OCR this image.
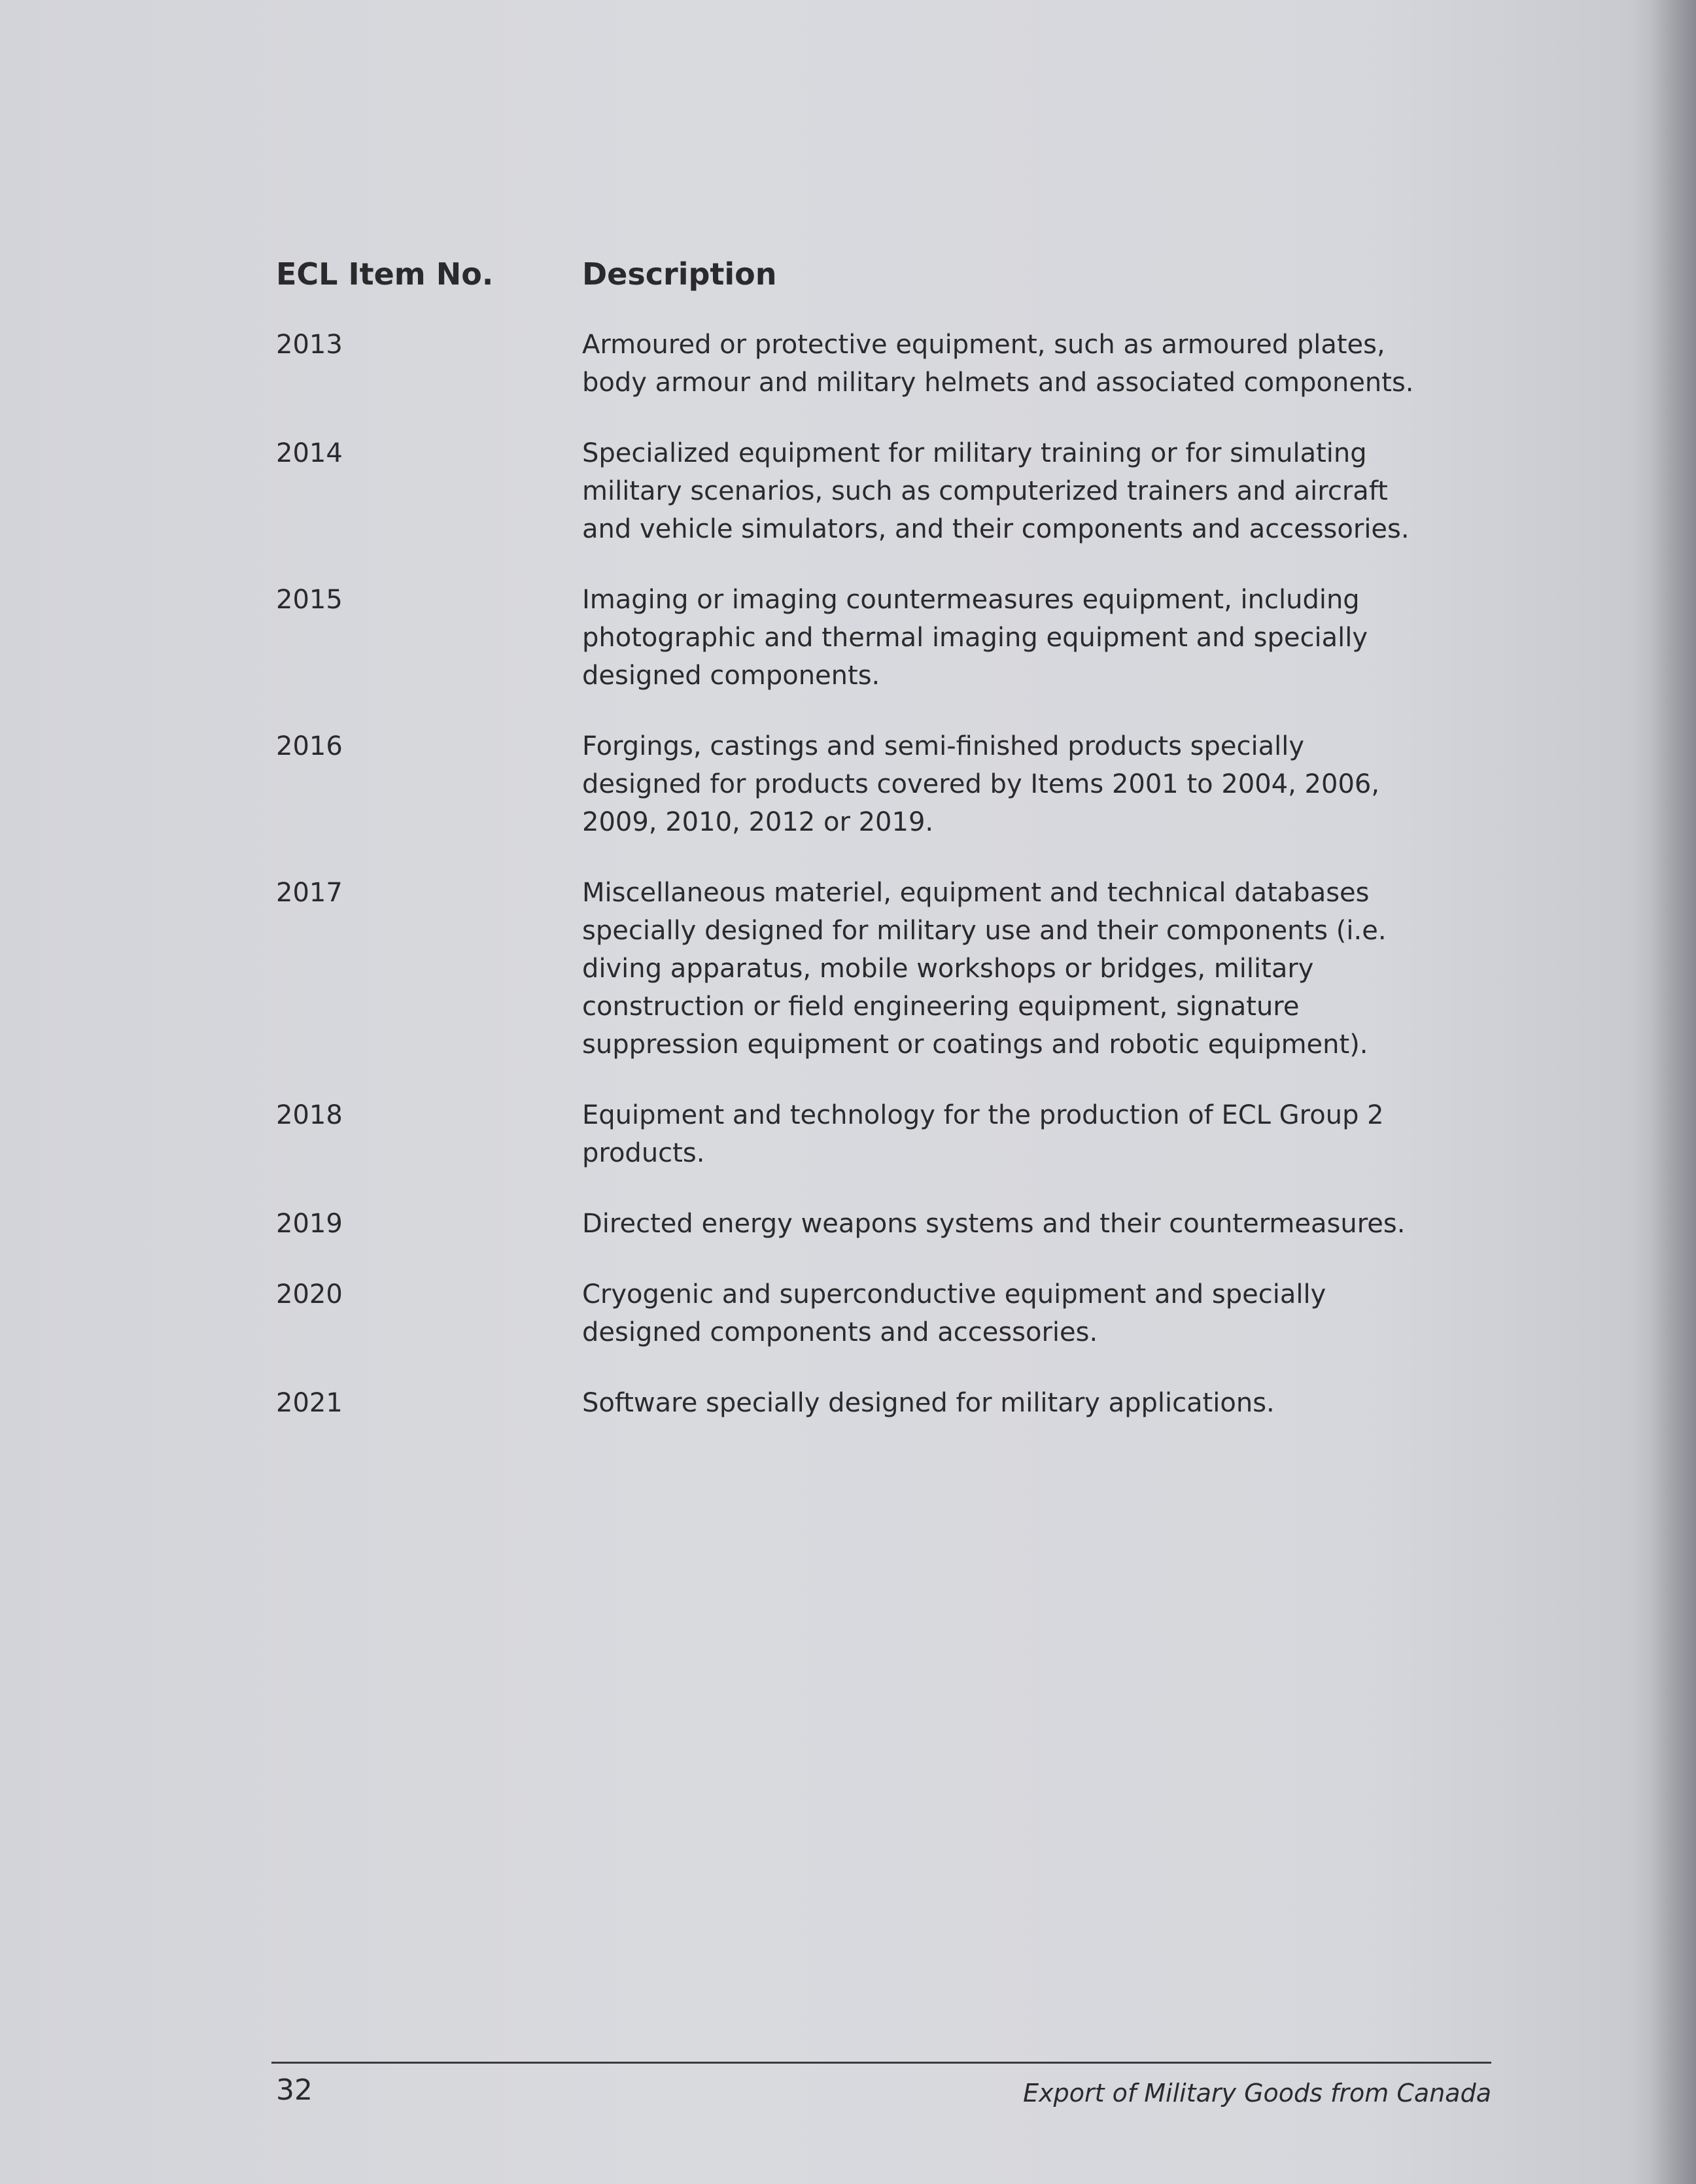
ECL Item No.	Description
2013	Armoured or protective equipment, such as armoured plates, body armour and military helmets and associated components.
2014	Specialized equipment for military training or for simulating military scenarios, such as computerized trainers and aircraft and vehicle simulators, and their components and accessories.
2015	Imaging or imaging countermeasures equipment, including photographic and thermal imaging equipment and specially designed components.
2016	Forgings, castings and semi-finished products specially designed for products covered by Items 2001 to 2004, 2006, 2009, 2010, 2012 or 2019.
2017	Miscellaneous materiel, equipment and technical databases specially designed for military use and their components (i.e. diving apparatus, mobile workshops or bridges, military construction or field engineering equipment, signature suppression equipment or coatings and robotic equipment).
2018	Equipment and technology for the production of ECL Group 2 products.
2019	Directed energy weapons systems and their countermeasures.
2020	Cryogenic and superconductive equipment and specially designed components and accessories.
2021	Software specially designed for military applications.
32	Export of Military Goods from Canada
